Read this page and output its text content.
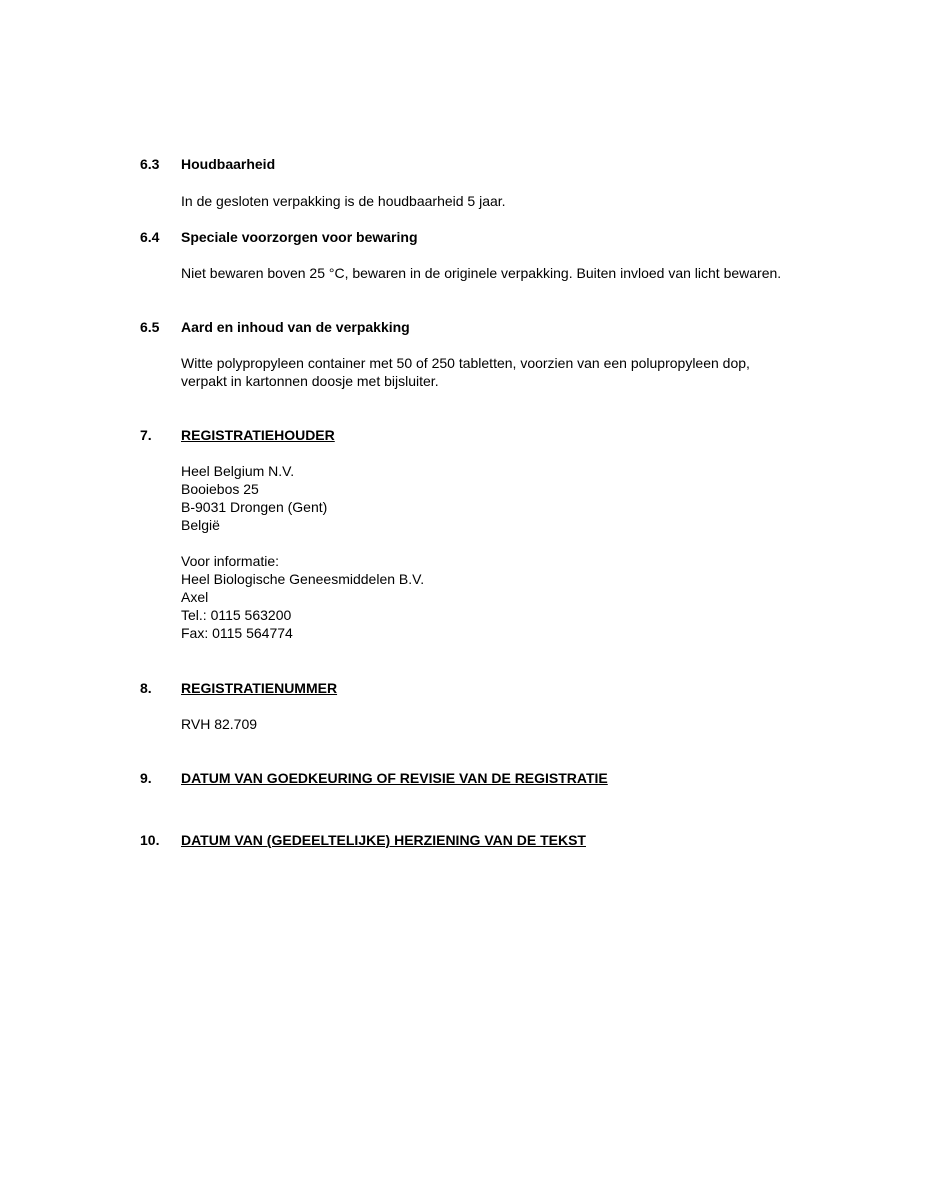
6.3 Houdbaarheid
In de gesloten verpakking is de houdbaarheid 5 jaar.
6.4 Speciale voorzorgen voor bewaring
Niet bewaren boven 25 °C, bewaren in de originele verpakking. Buiten invloed van licht bewaren.
6.5 Aard en inhoud van de verpakking
Witte polypropyleen container met 50 of 250 tabletten, voorzien van een polupropyleen dop, verpakt in kartonnen doosje met bijsluiter.
7. REGISTRATIEHOUDER
Heel Belgium N.V.
Booiebos 25
B-9031 Drongen (Gent)
België
Voor informatie:
Heel Biologische Geneesmiddelen B.V.
Axel
Tel.: 0115 563200
Fax: 0115 564774
8. REGISTRATIENUMMER
RVH 82.709
9. DATUM VAN GOEDKEURING OF REVISIE VAN DE REGISTRATIE
10. DATUM VAN (GEDEELTELIJKE) HERZIENING VAN DE TEKST
